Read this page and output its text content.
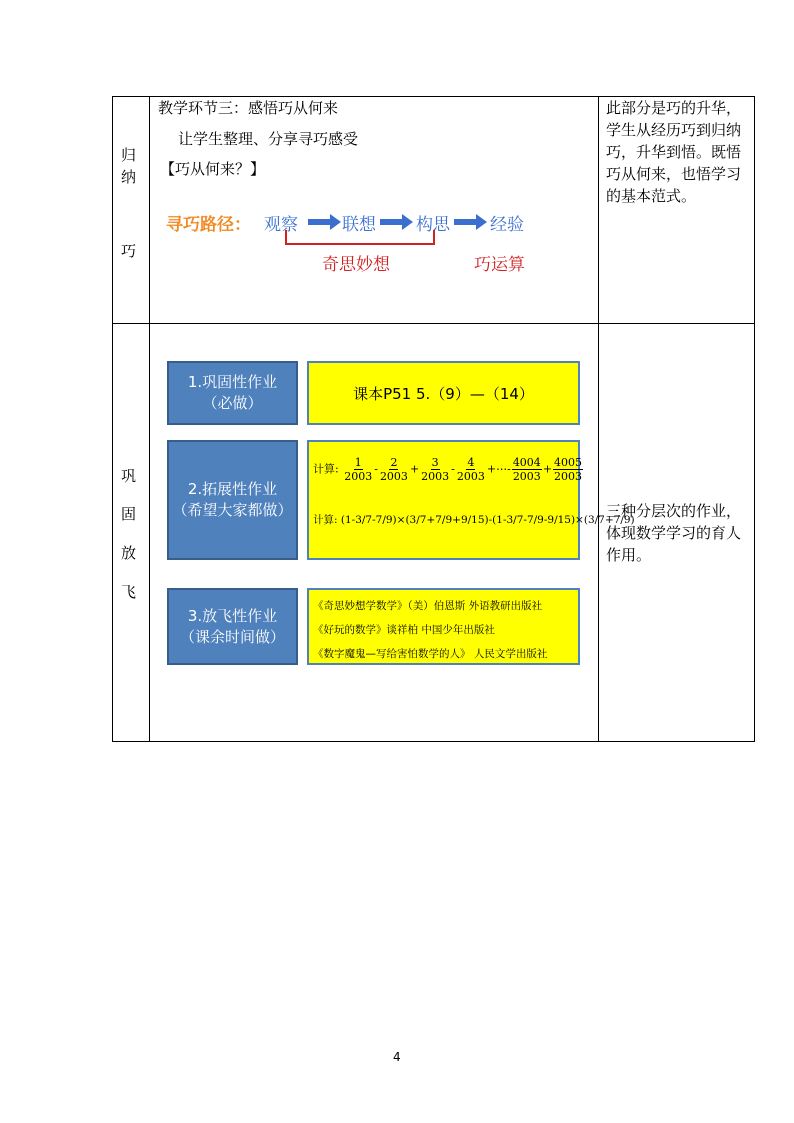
归
纳
巧
教学环节三：感悟巧从何来
让学生整理、分享寻巧感受
【巧从何来？】
寻巧路径： 观察	联想 构思 经验
奇思妙想	巧运算
此部分是巧的升华，学生从经历巧到归纳巧，升华到悟。既悟巧从何来，也悟学习的基本范式。
巩
固
放
飞
1.巩固性作业
（必做）
课本P51 5.（9）—（14）
2.拓展性作业
（希望大家都做）
计算: $\frac{1}{2003} - \frac{2}{2003} + \frac{3}{2003} - \frac{4}{2003}$ +⋯- $\frac{4004}{2003} + \frac{4005}{2003}$
计算: (1-3/7-7/9)×(3/7+7/9+9/15)-(1-3/7-7/9-9/15)×(3/7+7/9)
3.放飞性作业
（课余时间做）
《奇思妙想学数学》（美）伯恩斯 外语教研出版社
《好玩的数学》谈祥柏 中国少年出版社
《数字魔鬼—写给害怕数学的人》 人民文学出版社
三种分层次的作业，体现数学学习的育人作用。
4
